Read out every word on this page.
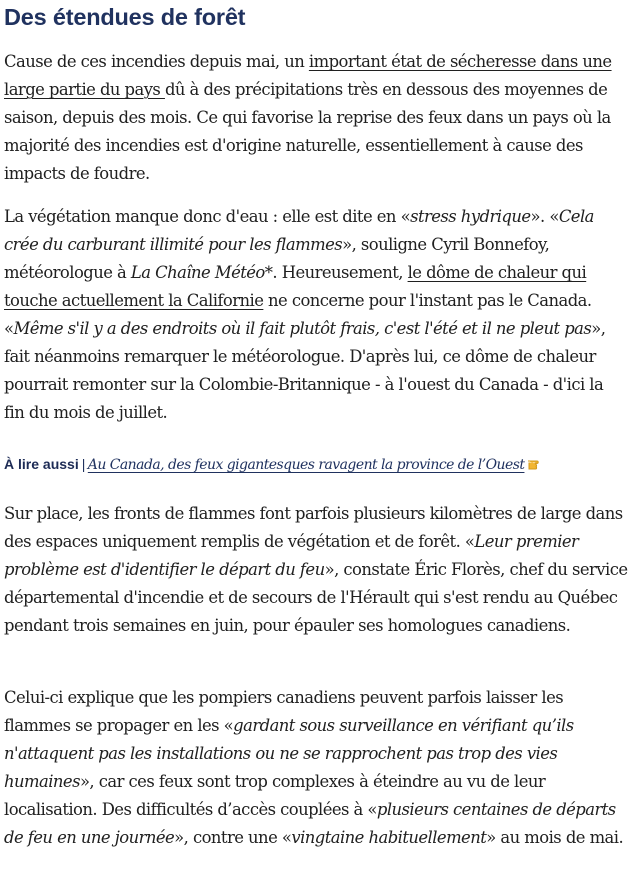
Des étendues de forêt

Cause de ces incendies depuis mai, un important état de sécheresse dans une large partie du pays dû à des précipitations très en dessous des moyennes de saison, depuis des mois. Ce qui favorise la reprise des feux dans un pays où la majorité des incendies est d'origine naturelle, essentiellement à cause des impacts de foudre.

La végétation manque donc d'eau : elle est dite en «stress hydrique». «Cela crée du carburant illimité pour les flammes», souligne Cyril Bonnefoy, météorologue à La Chaîne Météo*. Heureusement, le dôme de chaleur qui touche actuellement la Californie ne concerne pour l'instant pas le Canada. «Même s'il y a des endroits où il fait plutôt frais, c'est l'été et il ne pleut pas», fait néanmoins remarquer le météorologue. D'après lui, ce dôme de chaleur pourrait remonter sur la Colombie-Britannique - à l'ouest du Canada - d'ici la fin du mois de juillet.

À lire aussi | Au Canada, des feux gigantesques ravagent la province de l’Ouest

Sur place, les fronts de flammes font parfois plusieurs kilomètres de large dans des espaces uniquement remplis de végétation et de forêt. «Leur premier problème est d'identifier le départ du feu», constate Éric Florès, chef du service départemental d'incendie et de secours de l'Hérault qui s'est rendu au Québec pendant trois semaines en juin, pour épauler ses homologues canadiens.

Celui-ci explique que les pompiers canadiens peuvent parfois laisser les flammes se propager en les «gardant sous surveillance en vérifiant qu’ils n'attaquent pas les installations ou ne se rapprochent pas trop des vies humaines», car ces feux sont trop complexes à éteindre au vu de leur localisation. Des difficultés d’accès couplées à «plusieurs centaines de départs de feu en une journée», contre une «vingtaine habituellement» au mois de mai.
